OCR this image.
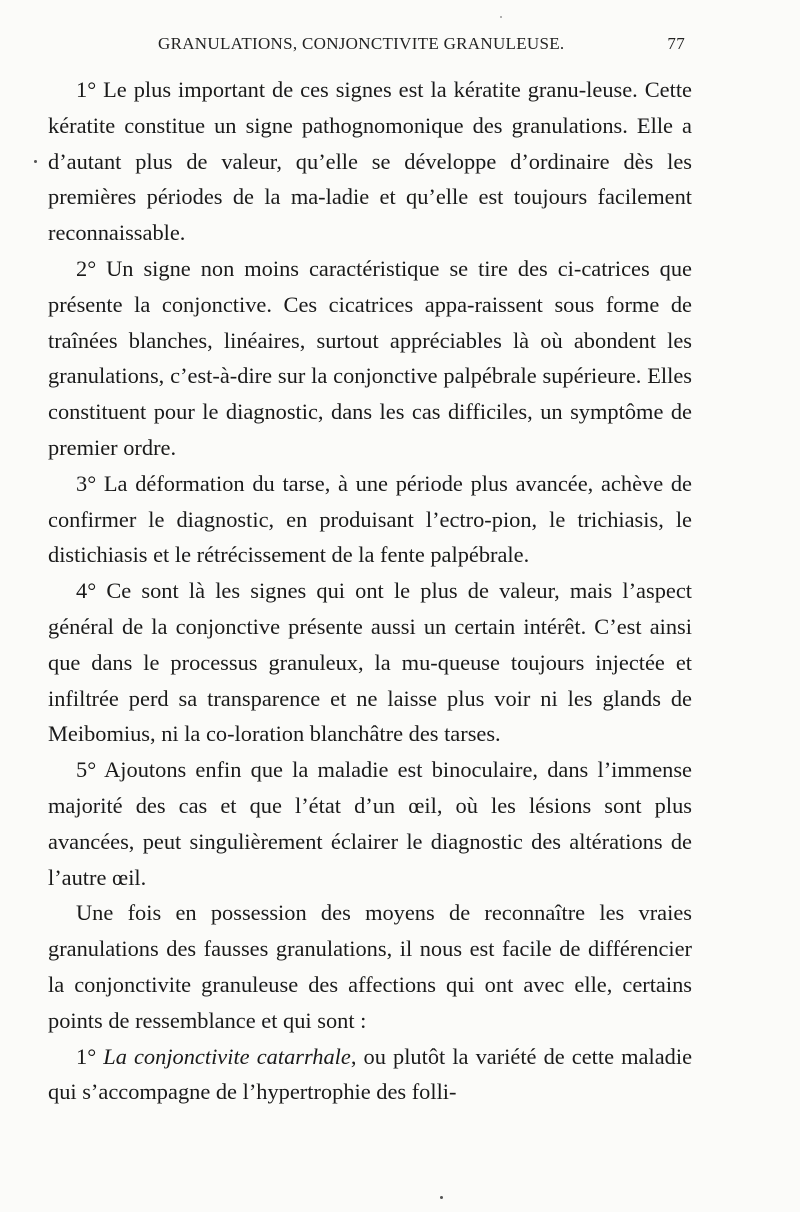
GRANULATIONS, CONJONCTIVITE GRANULEUSE.	77

1° Le plus important de ces signes est la kératite granu-leuse. Cette kératite constitue un signe pathognomonique des granulations. Elle a d’autant plus de valeur, qu’elle se développe d’ordinaire dès les premières périodes de la ma-ladie et qu’elle est toujours facilement reconnaissable.

2° Un signe non moins caractéristique se tire des ci-catrices que présente la conjonctive. Ces cicatrices appa-raissent sous forme de traînées blanches, linéaires, surtout appréciables là où abondent les granulations, c’est-à-dire sur la conjonctive palpébrale supérieure. Elles constituent pour le diagnostic, dans les cas difficiles, un symptôme de premier ordre.

3° La déformation du tarse, à une période plus avancée, achève de confirmer le diagnostic, en produisant l’ectro-pion, le trichiasis, le distichiasis et le rétrécissement de la fente palpébrale.

4° Ce sont là les signes qui ont le plus de valeur, mais l’aspect général de la conjonctive présente aussi un certain intérêt. C’est ainsi que dans le processus granuleux, la mu-queuse toujours injectée et infiltrée perd sa transparence et ne laisse plus voir ni les glands de Meibomius, ni la co-loration blanchâtre des tarses.

5° Ajoutons enfin que la maladie est binoculaire, dans l’immense majorité des cas et que l’état d’un œil, où les lésions sont plus avancées, peut singulièrement éclairer le diagnostic des altérations de l’autre œil.

Une fois en possession des moyens de reconnaître les vraies granulations des fausses granulations, il nous est facile de différencier la conjonctivite granuleuse des affections qui ont avec elle, certains points de ressemblance et qui sont :

1° La conjonctivite catarrhale, ou plutôt la variété de cette maladie qui s’accompagne de l’hypertrophie des folli-
